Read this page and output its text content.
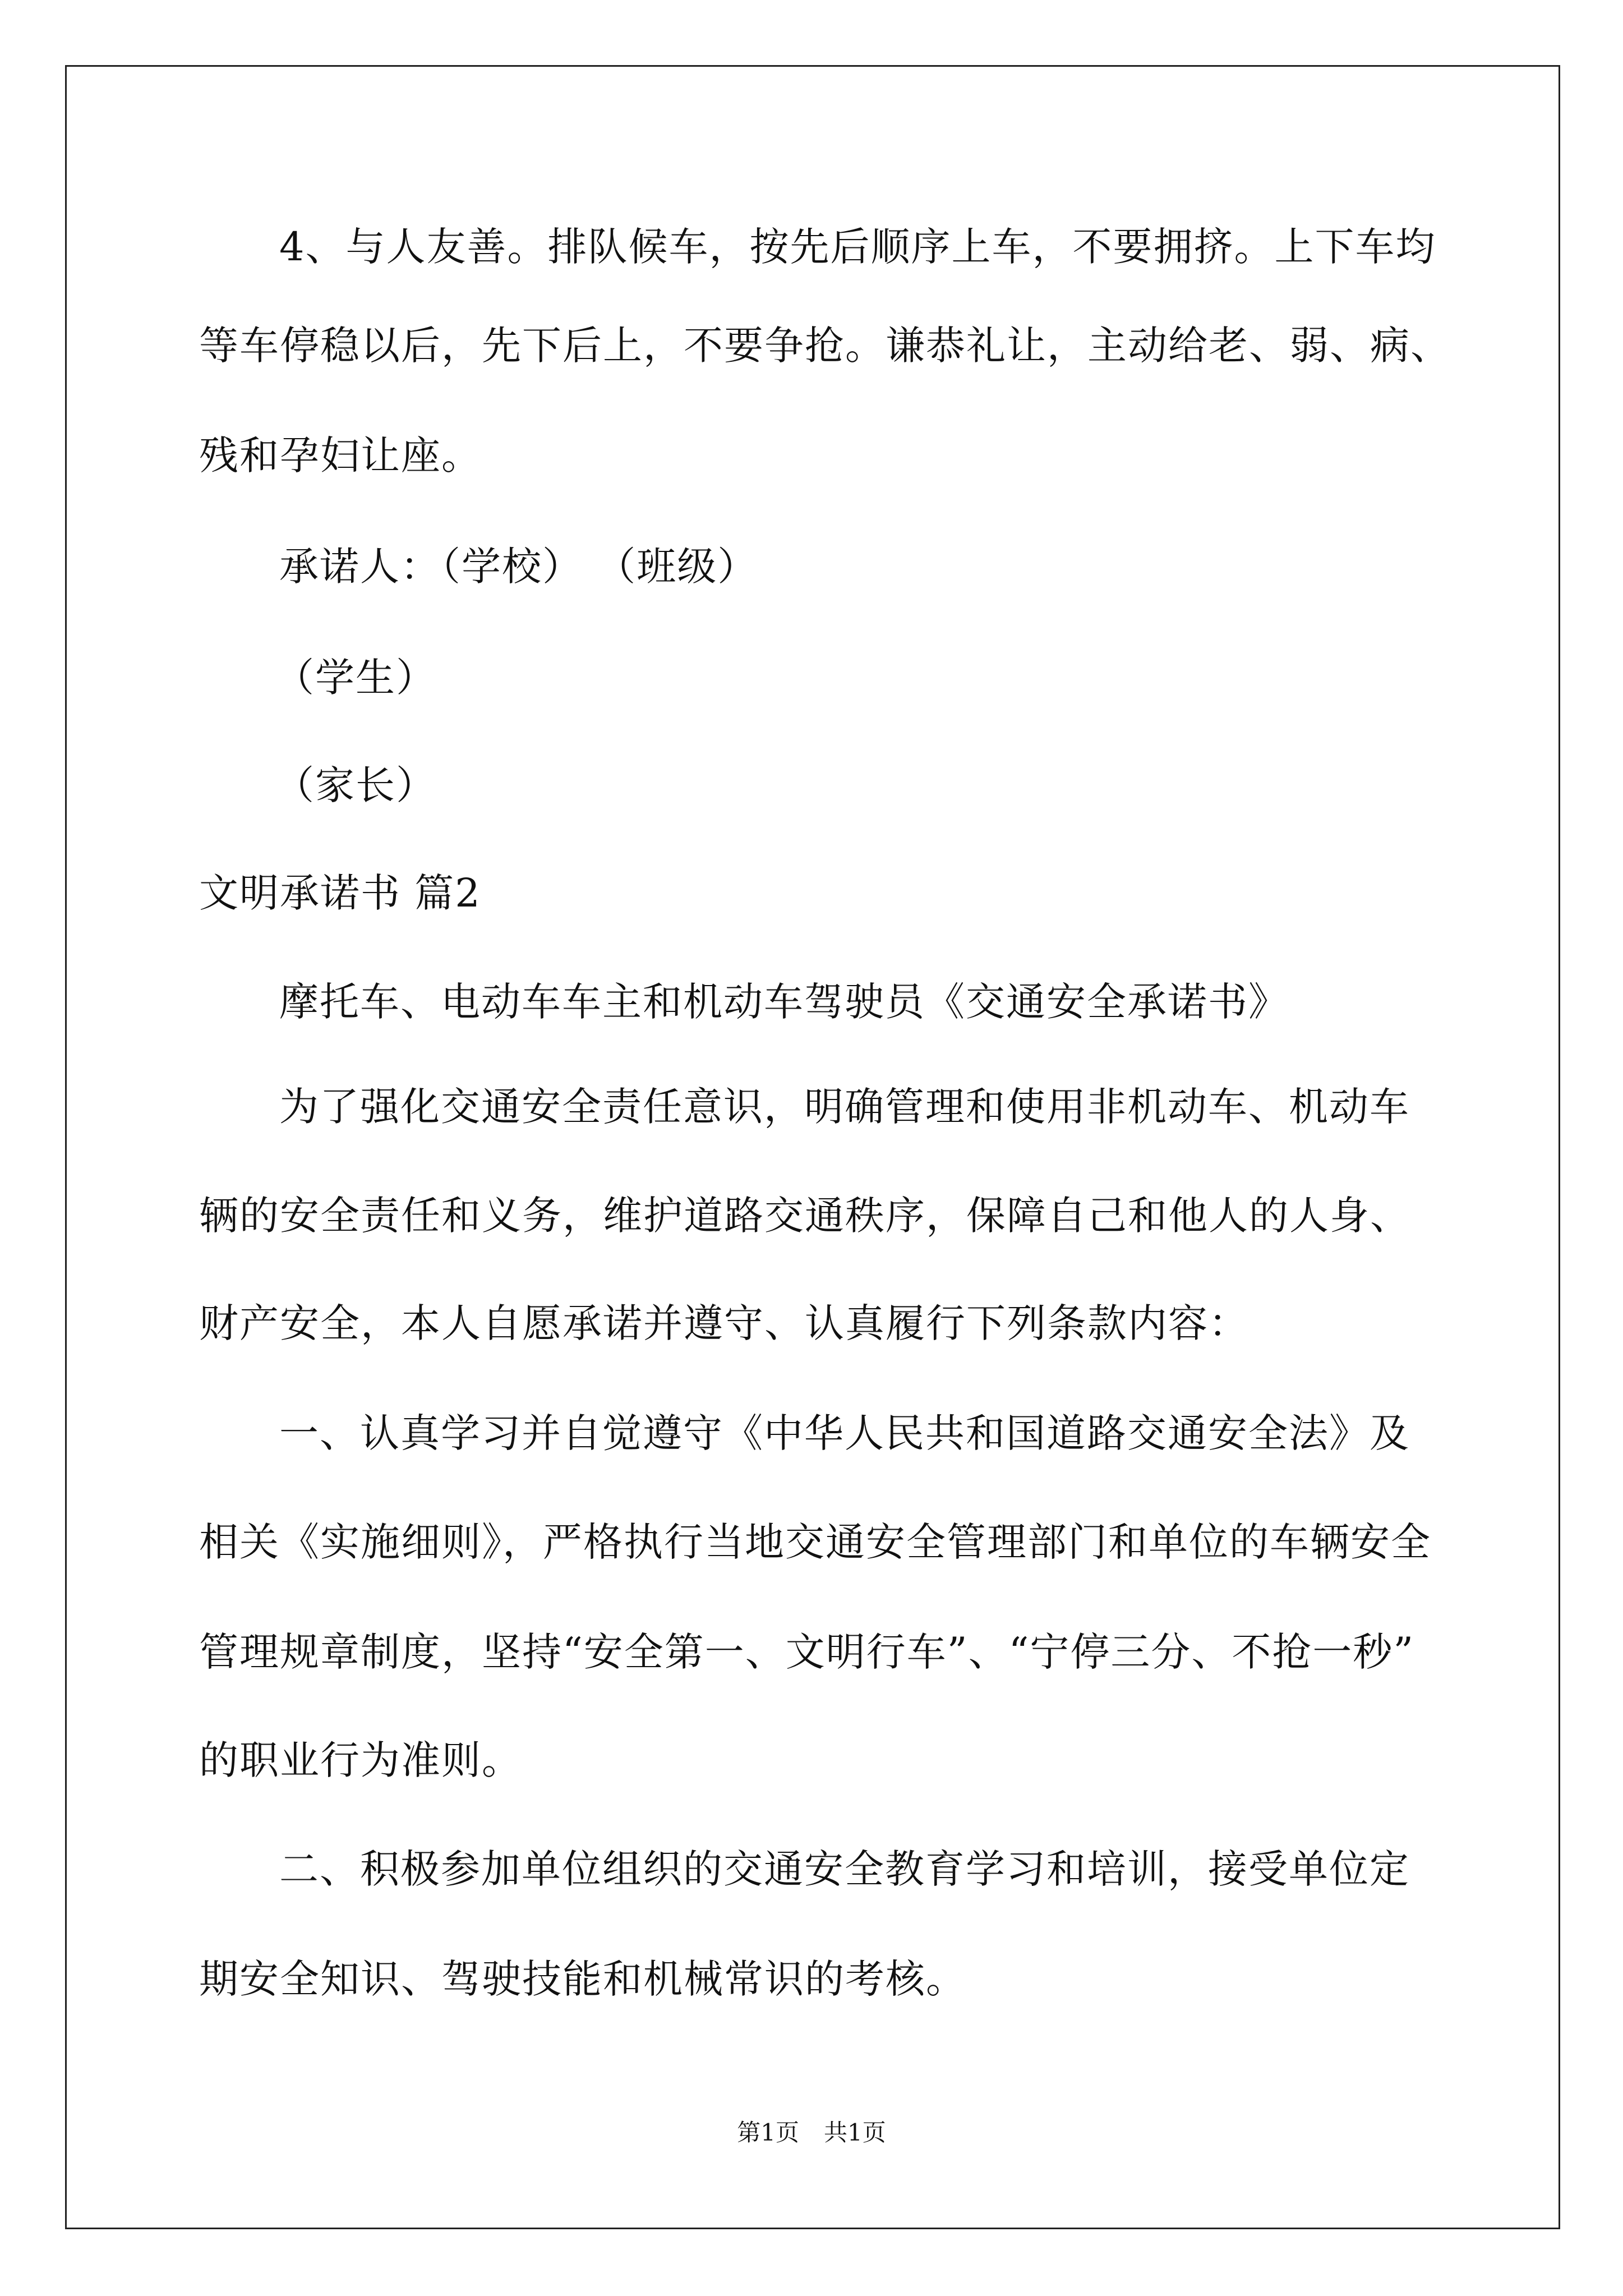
4、与人友善。排队候车，按先后顺序上车，不要拥挤。上下车均
等车停稳以后，先下后上，不要争抢。谦恭礼让，主动给老、弱、病、
残和孕妇让座。
承诺人：（学校） （班级）
（学生）
（家长）
文明承诺书 篇2
摩托车、电动车车主和机动车驾驶员《交通安全承诺书》
为了强化交通安全责任意识，明确管理和使用非机动车、机动车
辆的安全责任和义务，维护道路交通秩序，保障自己和他人的人身、
财产安全，本人自愿承诺并遵守、认真履行下列条款内容：
一、认真学习并自觉遵守《中华人民共和国道路交通安全法》及
相关《实施细则》，严格执行当地交通安全管理部门和单位的车辆安全
管理规章制度，坚持“安全第一、文明行车”、“宁停三分、不抢一秒”
的职业行为准则。
二、积极参加单位组织的交通安全教育学习和培训，接受单位定
期安全知识、驾驶技能和机械常识的考核。
第1页 共1页
